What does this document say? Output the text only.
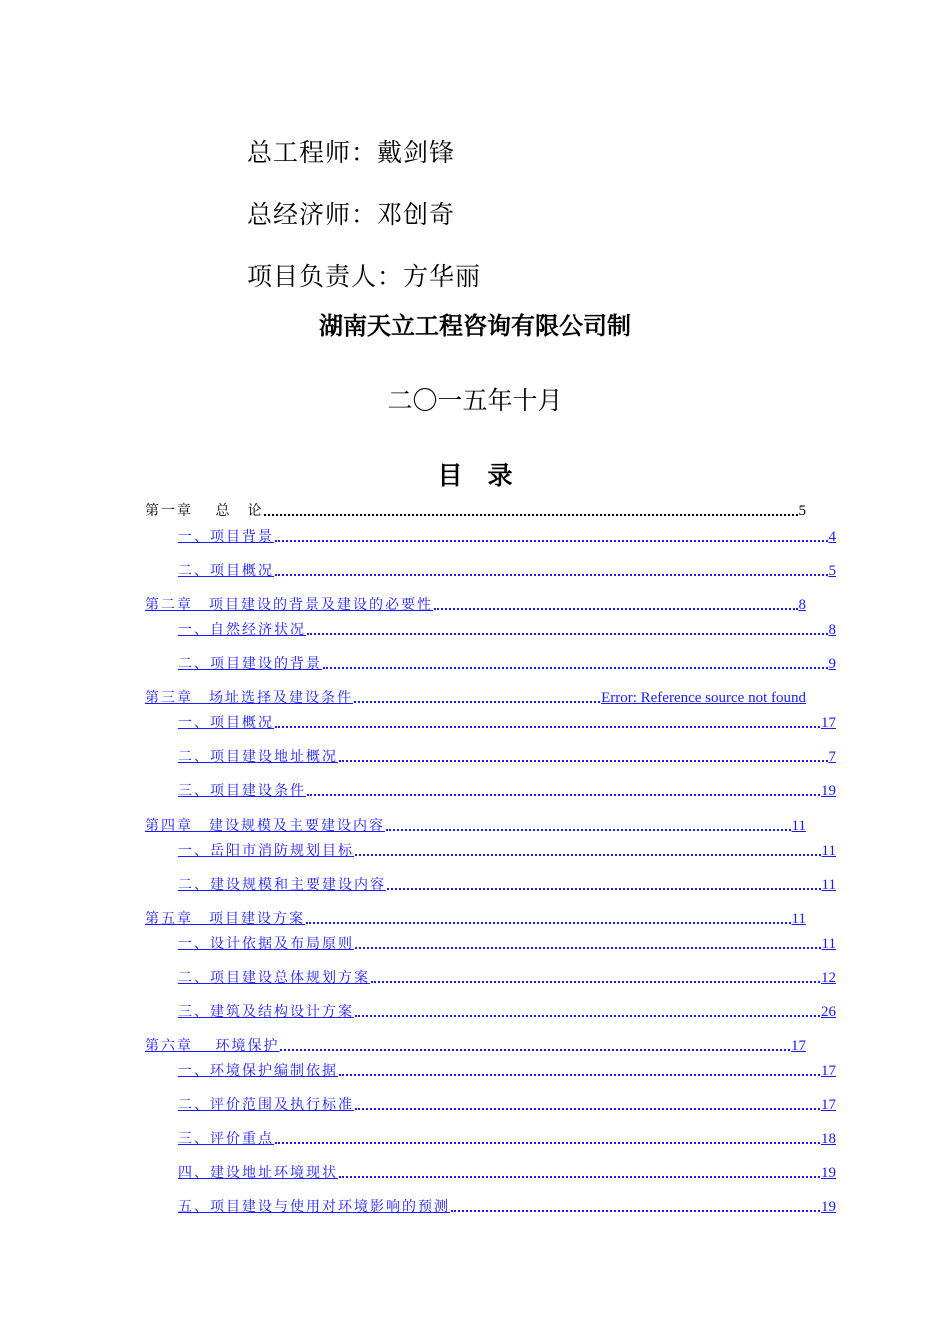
总工程师：戴剑锋
总经济师：邓创奇
项目负责人：方华丽
湖南天立工程咨询有限公司制
二〇一五年十月
目　录
第一章　 总　论	5
一、项目背景	4
二、项目概况	5
第二章　项目建设的背景及建设的必要性	8
一、自然经济状况	8
二、项目建设的背景	9
第三章　场址选择及建设条件	Error: Reference source not found
一、项目概况	17
二、项目建设地址概况	7
三、项目建设条件	19
第四章　建设规模及主要建设内容	11
一、岳阳市消防规划目标	11
二、建设规模和主要建设内容	11
第五章　项目建设方案	11
一、设计依据及布局原则	11
二、项目建设总体规划方案	12
三、建筑及结构设计方案	26
第六章　 环境保护	17
一、环境保护编制依据	17
二、评价范围及执行标准	17
三、评价重点	18
四、建设地址环境现状	19
五、项目建设与使用对环境影响的预测	19
